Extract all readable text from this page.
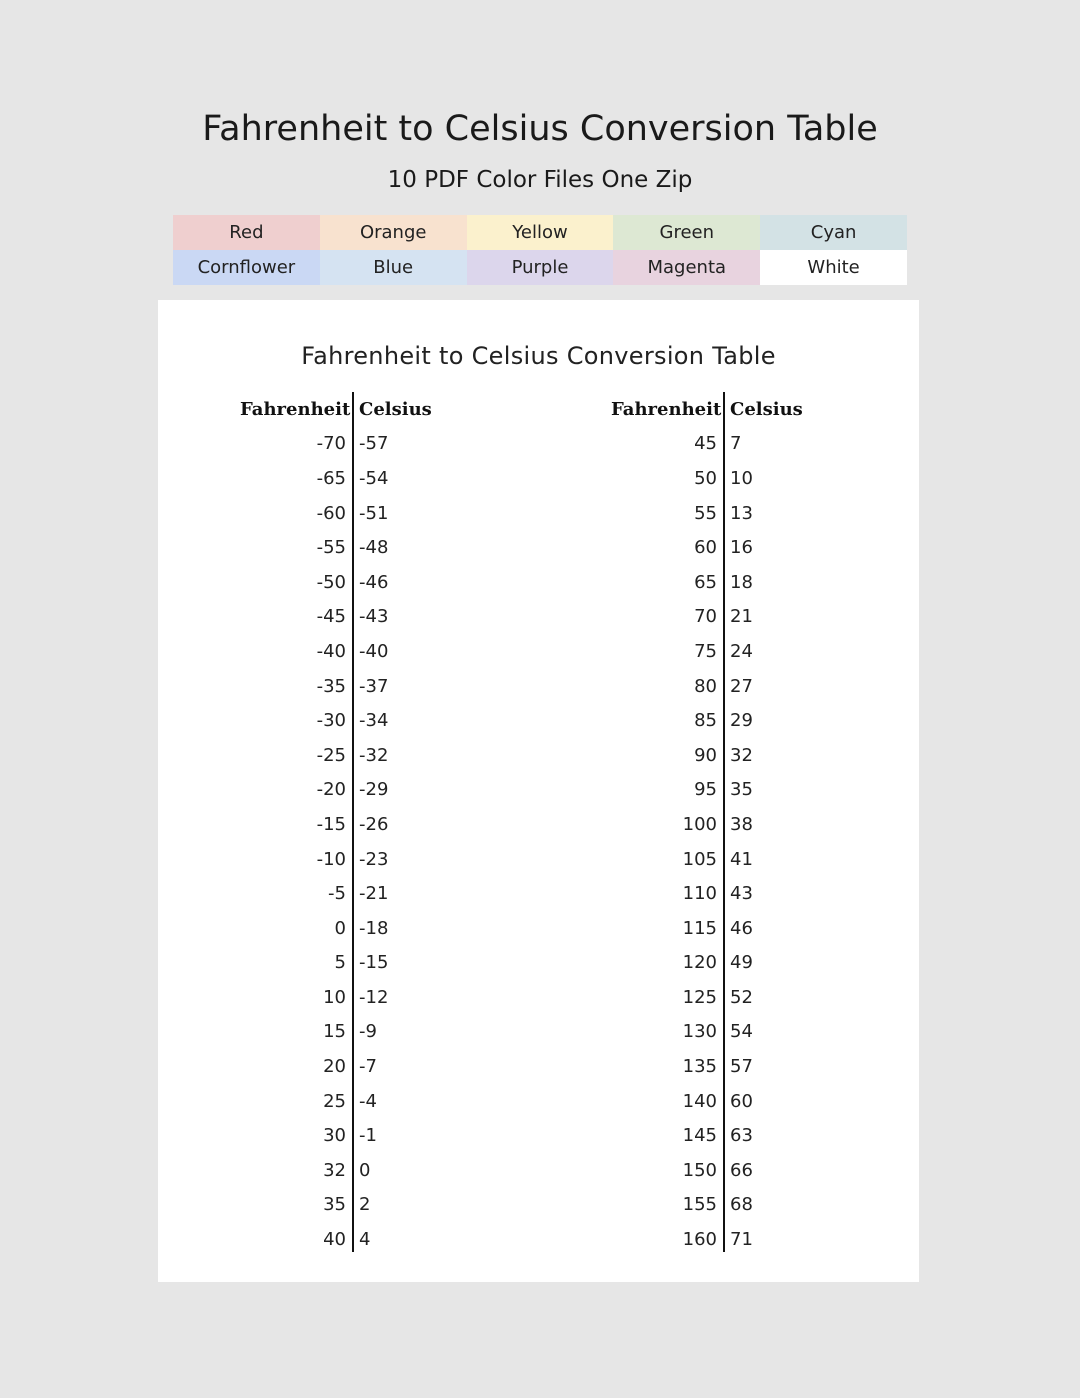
Fahrenheit to Celsius Conversion Table
10 PDF Color Files One Zip
Red	Orange	Yellow	Green	Cyan
Cornflower	Blue	Purple	Magenta	White
Fahrenheit to Celsius Conversion Table
Fahrenheit Celsius
-70 -57
-65 -54
-60 -51
-55 -48
-50 -46
-45 -43
-40 -40
-35 -37
-30 -34
-25 -32
-20 -29
-15 -26
-10 -23
-5 -21
0 -18
5 -15
10 -12
15 -9
20 -7
25 -4
30 -1
32 0
35 2
40 4
Fahrenheit Celsius
45 7
50 10
55 13
60 16
65 18
70 21
75 24
80 27
85 29
90 32
95 35
100 38
105 41
110 43
115 46
120 49
125 52
130 54
135 57
140 60
145 63
150 66
155 68
160 71
